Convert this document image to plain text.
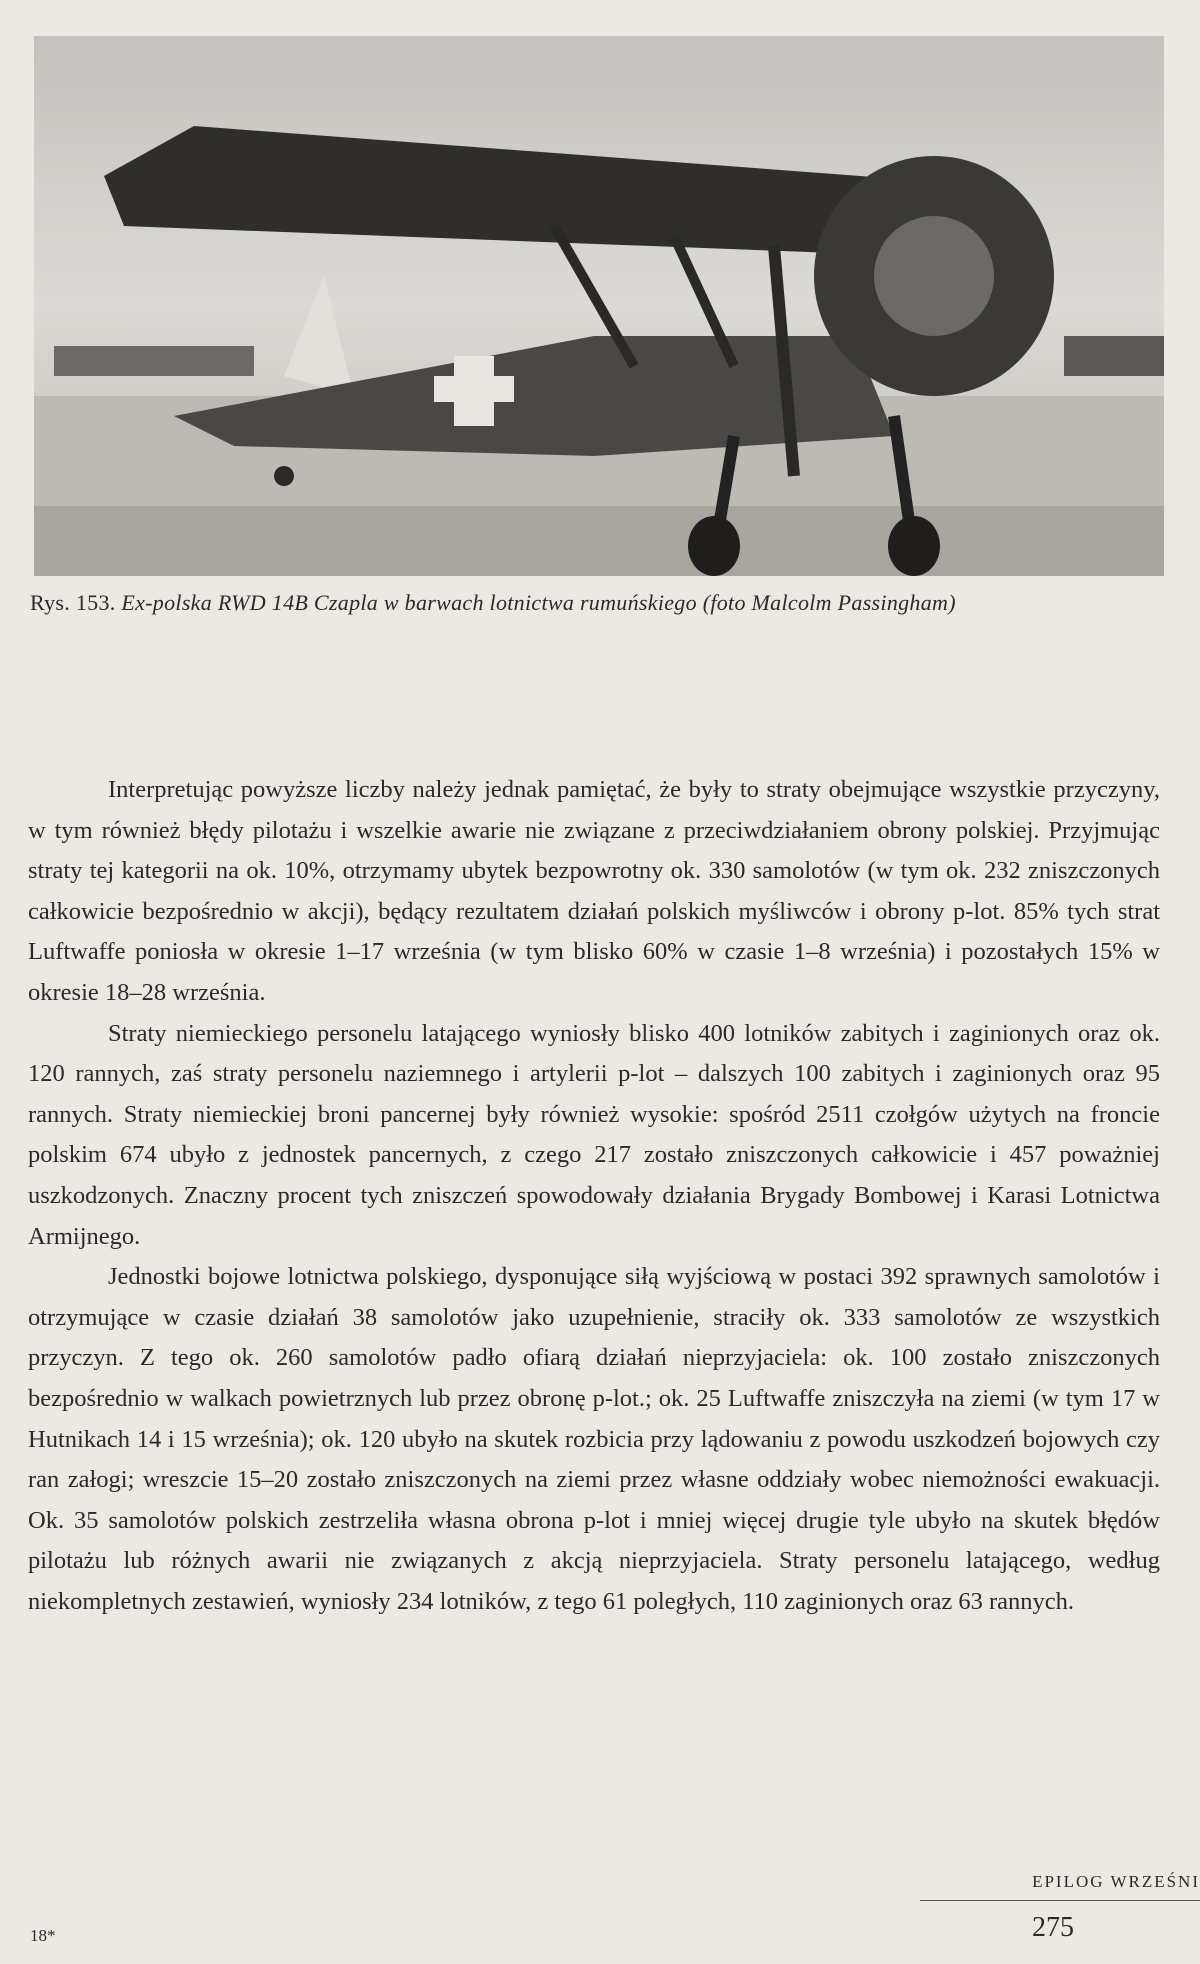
Rys. 153. Ex-polska RWD 14B Czapla w barwach lotnictwa rumuńskiego (foto Malcolm Passingham)

Interpretując powyższe liczby należy jednak pamiętać, że były to straty obejmujące wszystkie przyczyny, w tym również błędy pilotażu i wszelkie awarie nie związane z przeciwdziałaniem obrony polskiej. Przyjmując straty tej kategorii na ok. 10%, otrzymamy ubytek bezpowrotny ok. 330 samolotów (w tym ok. 232 zniszczonych całkowicie bezpośrednio w akcji), będący rezultatem działań polskich myśliwców i obrony p-lot. 85% tych strat Luftwaffe poniosła w okresie 1–17 września (w tym blisko 60% w czasie 1–8 września) i pozostałych 15% w okresie 18–28 września.

Straty niemieckiego personelu latającego wyniosły blisko 400 lotników zabitych i zaginionych oraz ok. 120 rannych, zaś straty personelu naziemnego i artylerii p-lot – dalszych 100 zabitych i zaginionych oraz 95 rannych. Straty niemieckiej broni pancernej były również wysokie: spośród 2511 czołgów użytych na froncie polskim 674 ubyło z jednostek pancernych, z czego 217 zostało zniszczonych całkowicie i 457 poważniej uszkodzonych. Znaczny procent tych zniszczeń spowodowały działania Brygady Bombowej i Karasi Lotnictwa Armijnego.

Jednostki bojowe lotnictwa polskiego, dysponujące siłą wyjściową w postaci 392 sprawnych samolotów i otrzymujące w czasie działań 38 samolotów jako uzupełnienie, straciły ok. 333 samolotów ze wszystkich przyczyn. Z tego ok. 260 samolotów padło ofiarą działań nieprzyjaciela: ok. 100 zostało zniszczonych bezpośrednio w walkach powietrznych lub przez obronę p-lot.; ok. 25 Luftwaffe zniszczyła na ziemi (w tym 17 w Hutnikach 14 i 15 września); ok. 120 ubyło na skutek rozbicia przy lądowaniu z powodu uszkodzeń bojowych czy ran załogi; wreszcie 15–20 zostało zniszczonych na ziemi przez własne oddziały wobec niemożności ewakuacji. Ok. 35 samolotów polskich zestrzeliła własna obrona p-lot i mniej więcej drugie tyle ubyło na skutek błędów pilotażu lub różnych awarii nie związanych z akcją nieprzyjaciela. Straty personelu latającego, według niekompletnych zestawień, wyniosły 234 lotników, z tego 61 poległych, 110 zaginionych oraz 63 rannych.

EPILOG WRZEŚNI
275
18*
